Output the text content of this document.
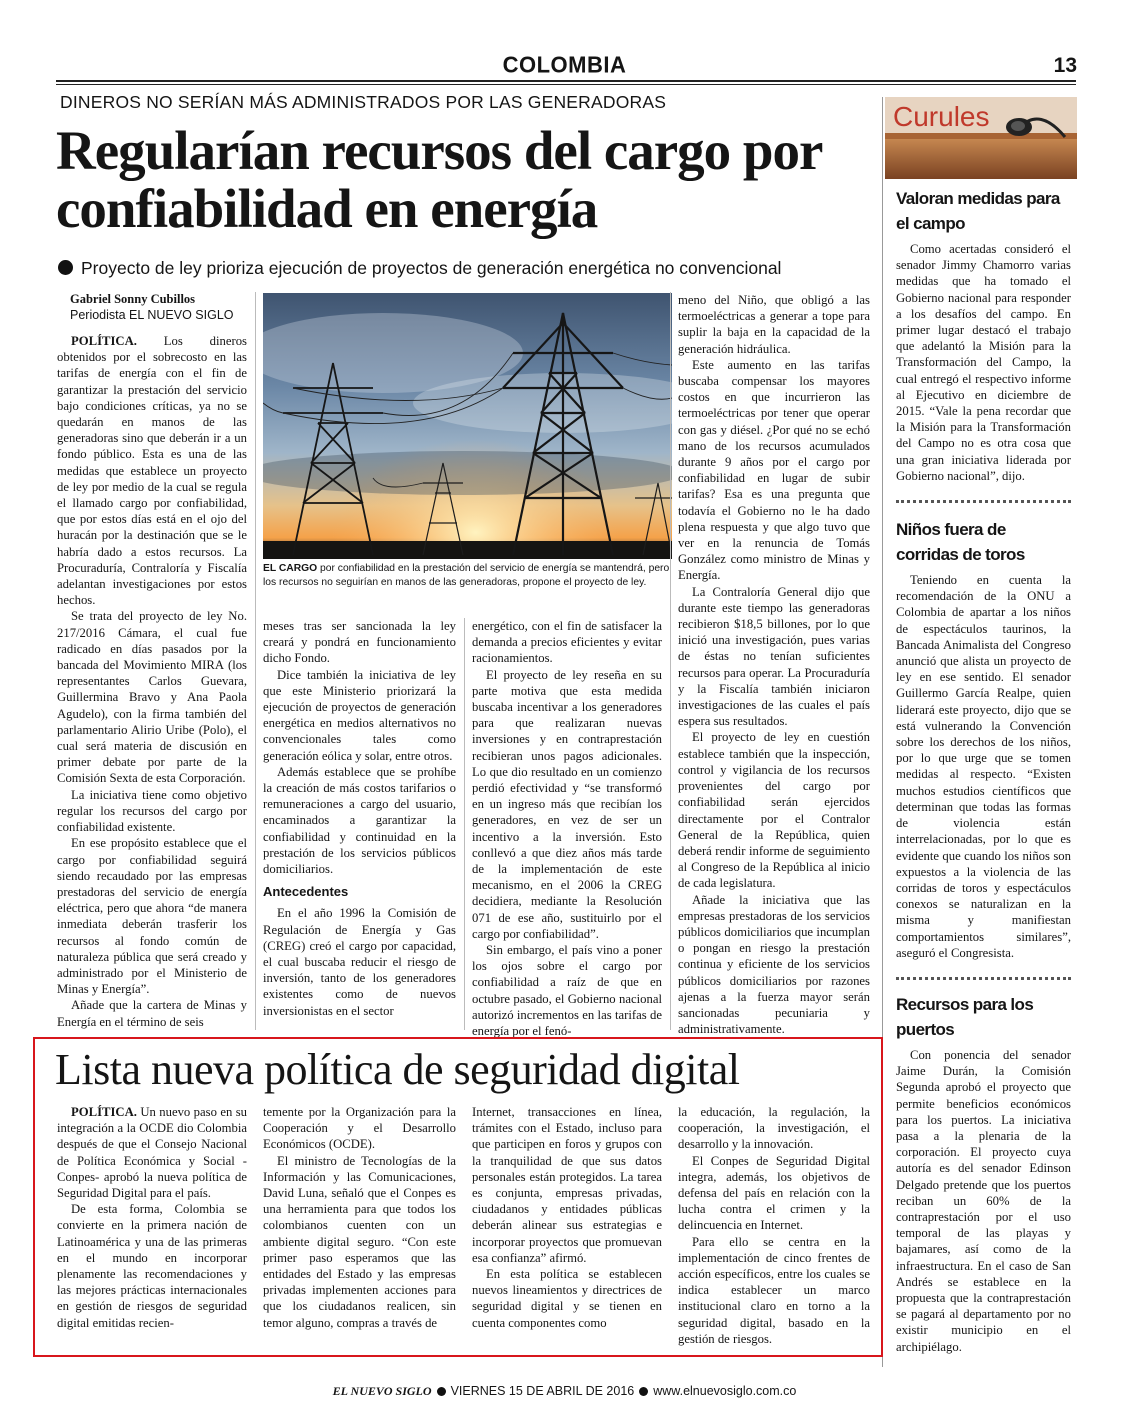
COLOMBIA	13
DINEROS NO SERÍAN MÁS ADMINISTRADOS POR LAS GENERADORAS
Regularían recursos del cargo por confiabilidad en energía
Proyecto de ley prioriza ejecución de proyectos de generación energética no convencional
Gabriel Sonny Cubillos
Periodista EL NUEVO SIGLO
EL CARGO por confiabilidad en la prestación del servicio de energía se mantendrá, pero los recursos no seguirían en manos de las generadoras, propone el proyecto de ley.

POLÍTICA. Los dineros obtenidos por el sobrecosto en las tarifas de energía con el fin de garantizar la prestación del servicio bajo condiciones críticas, ya no se quedarán en manos de las generadoras sino que deberán ir a un fondo público. Esta es una de las medidas que establece un proyecto de ley por medio de la cual se regula el llamado cargo por confiabilidad, que por estos días está en el ojo del huracán por la destinación que se le habría dado a estos recursos. La Procuraduría, Contraloría y Fiscalía adelantan investigaciones por estos hechos.

Se trata del proyecto de ley No. 217/2016 Cámara, el cual fue radicado en días pasados por la bancada del Movimiento MIRA (los representantes Carlos Guevara, Guillermina Bravo y Ana Paola Agudelo), con la firma también del parlamentario Alirio Uribe (Polo), el cual será materia de discusión en primer debate por parte de la Comisión Sexta de esta Corporación.

La iniciativa tiene como objetivo regular los recursos del cargo por confiabilidad existente.

En ese propósito establece que el cargo por confiabilidad seguirá siendo recaudado por las empresas prestadoras del servicio de energía eléctrica, pero que ahora “de manera inmediata deberán trasferir los recursos al fondo común de naturaleza pública que será creado y administrado por el Ministerio de Minas y Energía”.

Añade que la cartera de Minas y Energía en el término de seis

meses tras ser sancionada la ley creará y pondrá en funcionamiento dicho Fondo.

Dice también la iniciativa de ley que este Ministerio priorizará la ejecución de proyectos de generación energética en medios alternativos no convencionales tales como generación eólica y solar, entre otros.

Además establece que se prohíbe la creación de más costos tarifarios o remuneraciones a cargo del usuario, encaminados a garantizar la confiabilidad y continuidad en la prestación de los servicios públicos domiciliarios.

Antecedentes

En el año 1996 la Comisión de Regulación de Energía y Gas (CREG) creó el cargo por capacidad, el cual buscaba reducir el riesgo de inversión, tanto de los generadores existentes como de nuevos inversionistas en el sector

energético, con el fin de satisfacer la demanda a precios eficientes y evitar racionamientos.

El proyecto de ley reseña en su parte motiva que esta medida buscaba incentivar a los generadores para que realizaran nuevas inversiones y en contraprestación recibieran unos pagos adicionales. Lo que dio resultado en un comienzo perdió efectividad y “se transformó en un ingreso más que recibían los generadores, en vez de ser un incentivo a la inversión. Esto conllevó a que diez años más tarde de la implementación de este mecanismo, en el 2006 la CREG decidiera, mediante la Resolución 071 de ese año, sustituirlo por el cargo por confiabilidad”.

Sin embargo, el país vino a poner los ojos sobre el cargo por confiabilidad a raíz de que en octubre pasado, el Gobierno nacional autorizó incrementos en las tarifas de energía por el fenó-

meno del Niño, que obligó a las termoeléctricas a generar a tope para suplir la baja en la capacidad de la generación hidráulica.

Este aumento en las tarifas buscaba compensar los mayores costos en que incurrieron las termoeléctricas por tener que operar con gas y diésel. ¿Por qué no se echó mano de los recursos acumulados durante 9 años por el cargo por confiabilidad en lugar de subir tarifas? Esa es una pregunta que todavía el Gobierno no le ha dado plena respuesta y que algo tuvo que ver en la renuncia de Tomás González como ministro de Minas y Energía.

La Contraloría General dijo que durante este tiempo las generadoras recibieron $18,5 billones, por lo que inició una investigación, pues varias de éstas no tenían suficientes recursos para operar. La Procuraduría y la Fiscalía también iniciaron investigaciones de las cuales el país espera sus resultados.

El proyecto de ley en cuestión establece también que la inspección, control y vigilancia de los recursos provenientes del cargo por confiabilidad serán ejercidos directamente por el Contralor General de la República, quien deberá rendir informe de seguimiento al Congreso de la República al inicio de cada legislatura.

Añade la iniciativa que las empresas prestadoras de los servicios públicos domiciliarios que incumplan o pongan en riesgo la prestación continua y eficiente de los servicios públicos domiciliarios por razones ajenas a la fuerza mayor serán sancionadas pecuniaria y administrativamente.

Curules
Valoran medidas para el campo

Como acertadas consideró el senador Jimmy Chamorro varias medidas que ha tomado el Gobierno nacional para responder a los desafíos del campo. En primer lugar destacó el trabajo que adelantó la Misión para la Transformación del Campo, la cual entregó el respectivo informe al Ejecutivo en diciembre de 2015. “Vale la pena recordar que la Misión para la Transformación del Campo no es otra cosa que una gran iniciativa liderada por Gobierno nacional”, dijo.

Niños fuera de corridas de toros

Teniendo en cuenta la recomendación de la ONU a Colombia de apartar a los niños de espectáculos taurinos, la Bancada Animalista del Congreso anunció que alista un proyecto de ley en ese sentido. El senador Guillermo García Realpe, quien liderará este proyecto, dijo que se está vulnerando la Convención sobre los derechos de los niños, por lo que urge que se tomen medidas al respecto. “Existen muchos estudios científicos que determinan que todas las formas de violencia están interrelacionadas, por lo que es evidente que cuando los niños son expuestos a la violencia de las corridas de toros y espectáculos conexos se naturalizan en la misma y manifiestan comportamientos similares”, aseguró el Congresista.

Recursos para los puertos

Con ponencia del senador Jaime Durán, la Comisión Segunda aprobó el proyecto que permite beneficios económicos para los puertos. La iniciativa pasa a la plenaria de la corporación. El proyecto cuya autoría es del senador Edinson Delgado pretende que los puertos reciban un 60% de la contraprestación por el uso temporal de las playas y bajamares, así como de la infraestructura. En el caso de San Andrés se establece en la propuesta que la contraprestación se pagará al departamento por no existir municipio en el archipiélago.

Lista nueva política de seguridad digital

POLÍTICA. Un nuevo paso en su integración a la OCDE dio Colombia después de que el Consejo Nacional de Política Económica y Social -Conpes- aprobó la nueva política de Seguridad Digital para el país.

De esta forma, Colombia se convierte en la primera nación de Latinoamérica y una de las primeras en el mundo en incorporar plenamente las recomendaciones y las mejores prácticas internacionales en gestión de riesgos de seguridad digital emitidas recien-

temente por la Organización para la Cooperación y el Desarrollo Económicos (OCDE).

El ministro de Tecnologías de la Información y las Comunicaciones, David Luna, señaló que el Conpes es una herramienta para que todos los colombianos cuenten con un ambiente digital seguro. “Con este primer paso esperamos que las entidades del Estado y las empresas privadas implementen acciones para que los ciudadanos realicen, sin temor alguno, compras a través de

Internet, transacciones en línea, trámites con el Estado, incluso para que participen en foros y grupos con la tranquilidad de que sus datos personales están protegidos. La tarea es conjunta, empresas privadas, ciudadanos y entidades públicas deberán alinear sus estrategias e incorporar proyectos que promuevan esa confianza” afirmó.

En esta política se establecen nuevos lineamientos y directrices de seguridad digital y se tienen en cuenta componentes como

la educación, la regulación, la cooperación, la investigación, el desarrollo y la innovación.

El Conpes de Seguridad Digital integra, además, los objetivos de defensa del país en relación con la lucha contra el crimen y la delincuencia en Internet.

Para ello se centra en la implementación de cinco frentes de acción específicos, entre los cuales se indica establecer un marco institucional claro en torno a la seguridad digital, basado en la gestión de riesgos.

EL NUEVO SIGLO VIERNES 15 DE ABRIL DE 2016 www.elnuevosiglo.com.co
